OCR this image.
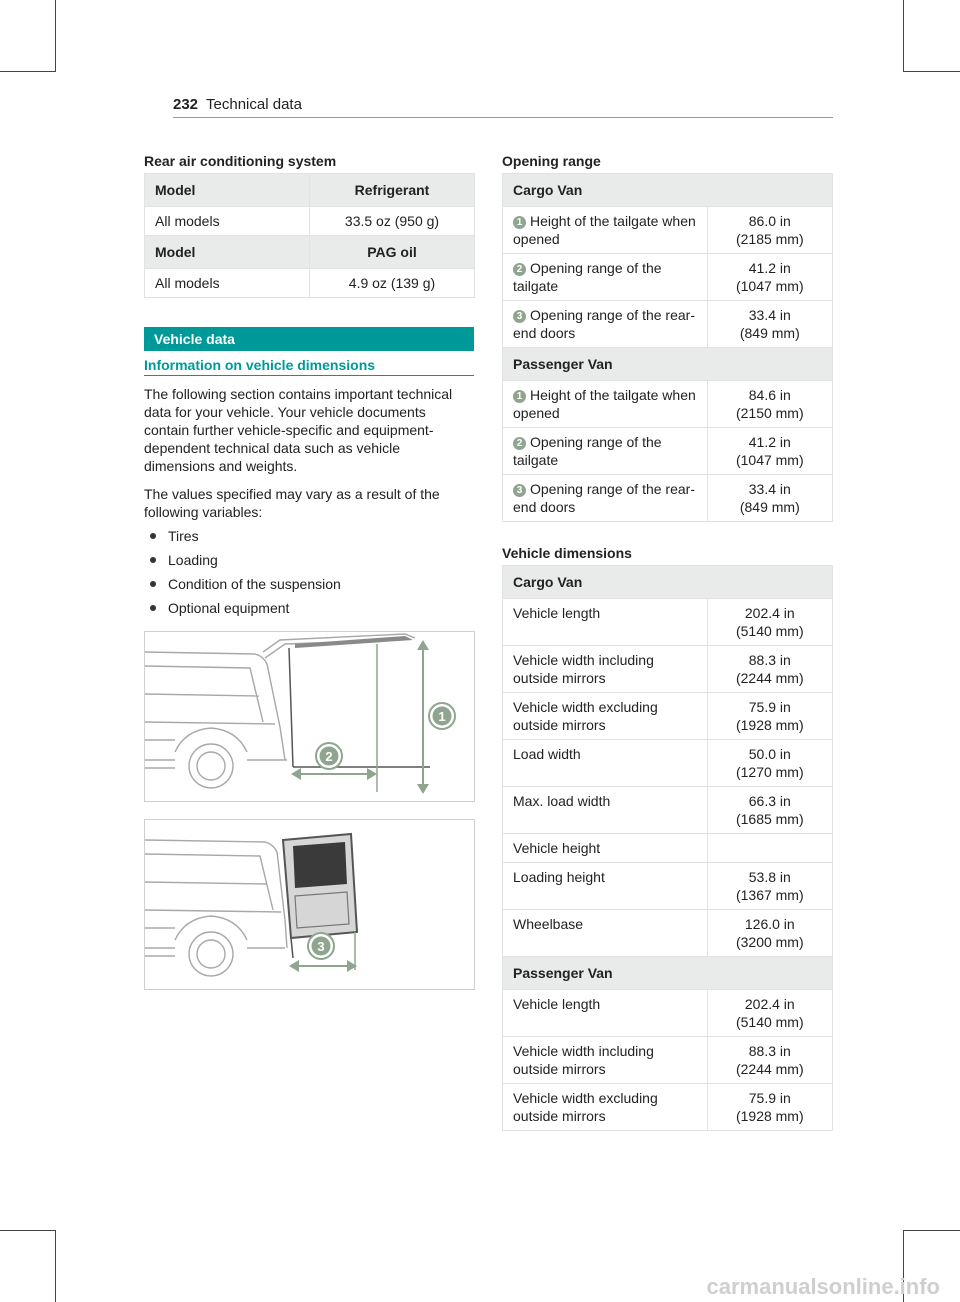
232 Technical data
Rear air conditioning system
Model	Refrigerant
All models	33.5 oz (950 g)
Model	PAG oil
All models	4.9 oz (139 g)
Vehicle data
Information on vehicle dimensions

The following section contains important technical data for your vehicle. Your vehicle documents contain further vehicle-specific and equipment-dependent technical data such as vehicle dimensions and weights.

The values specified may vary as a result of the following variables:

Tires
Loading
Condition of the suspension
Optional equipment
2
1
3
Opening range
Cargo Van	
1 Height of the tailgate when opened	86.0 in
(2185 mm)

2 Opening range of the tailgate	41.2 in
(1047 mm)

3 Opening range of the rear-end doors	33.4 in
(849 mm)

Passenger Van	
1 Height of the tailgate when opened	84.6 in
(2150 mm)

2 Opening range of the tailgate	41.2 in
(1047 mm)

3 Opening range of the rear-end doors	33.4 in
(849 mm)
Vehicle dimensions
Cargo Van	
Vehicle length	202.4 in
(5140 mm)

Vehicle width including outside mirrors	88.3 in
(2244 mm)

Vehicle width excluding outside mirrors	75.9 in
(1928 mm)

Load width	50.0 in
(1270 mm)

Max. load width	66.3 in
(1685 mm)

Vehicle height	

Loading height	53.8 in
(1367 mm)

Wheelbase	126.0 in
(3200 mm)

Passenger Van	
Vehicle length	202.4 in
(5140 mm)

Vehicle width including outside mirrors	88.3 in
(2244 mm)

Vehicle width excluding outside mirrors	75.9 in
(1928 mm)
carmanualsonline.info
